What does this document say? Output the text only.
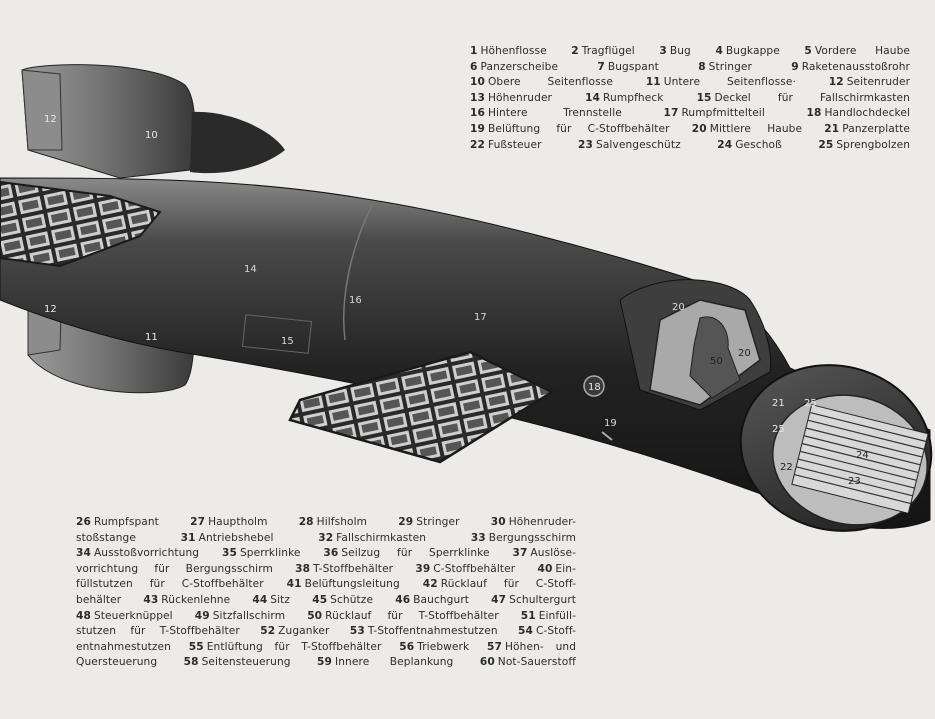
12
10
12
11
14
15
16
17
18
19
20
20
50
21 25
25
22
23
24
1 Höhenflosse 2 Tragflügel 3 Bug 4 Bugkappe 5 Vordere Haube
6 Panzerscheibe	7 Bugspant	8 Stringer	9 Raketenausstoßrohr
10 Obere Seitenflosse	11 Untere Seitenflosse·	12 Seitenruder
13 Höhenruder	14 Rumpfheck	15 Deckel für Fallschirmkasten
16 Hintere Trennstelle	17 Rumpfmittelteil	18 Handlochdeckel
19 Belüftung für C-Stoffbehälter 20 Mittlere Haube 21 Panzerplatte
22 Fußsteuer	23 Salvengeschütz	24 Geschoß	25 Sprengbolzen
26 Rumpfspant	27 Hauptholm	28 Hilfsholm	29 Stringer	30 Höhenruder-
stoßstange	31 Antriebshebel	32 Fallschirmkasten	33 Bergungsschirm
34 Ausstoßvorrichtung 35 Sperrklinke 36 Seilzug für Sperrklinke 37 Auslöse-
vorrichtung für Bergungsschirm 38 T-Stoffbehälter 39 C-Stoffbehälter 40 Ein-
füllstutzen für C-Stoffbehälter 41 Belüftungsleitung 42 Rücklauf für C-Stoff-
behälter 43 Rückenlehne 44 Sitz 45 Schütze 46 Bauchgurt 47 Schultergurt
48 Steuerknüppel 49 Sitzfallschirm 50 Rücklauf für T-Stoffbehälter 51 Einfüll-
stutzen für T-Stoffbehälter 52 Zuganker 53 T-Stoffentnahmestutzen 54 C-Stoff-
entnahmestutzen 55 Entlüftung für T-Stoffbehälter 56 Triebwerk 57 Höhen- und
Quersteuerung 58 Seitensteuerung 59 Innere Beplankung 60 Not-Sauerstoff
